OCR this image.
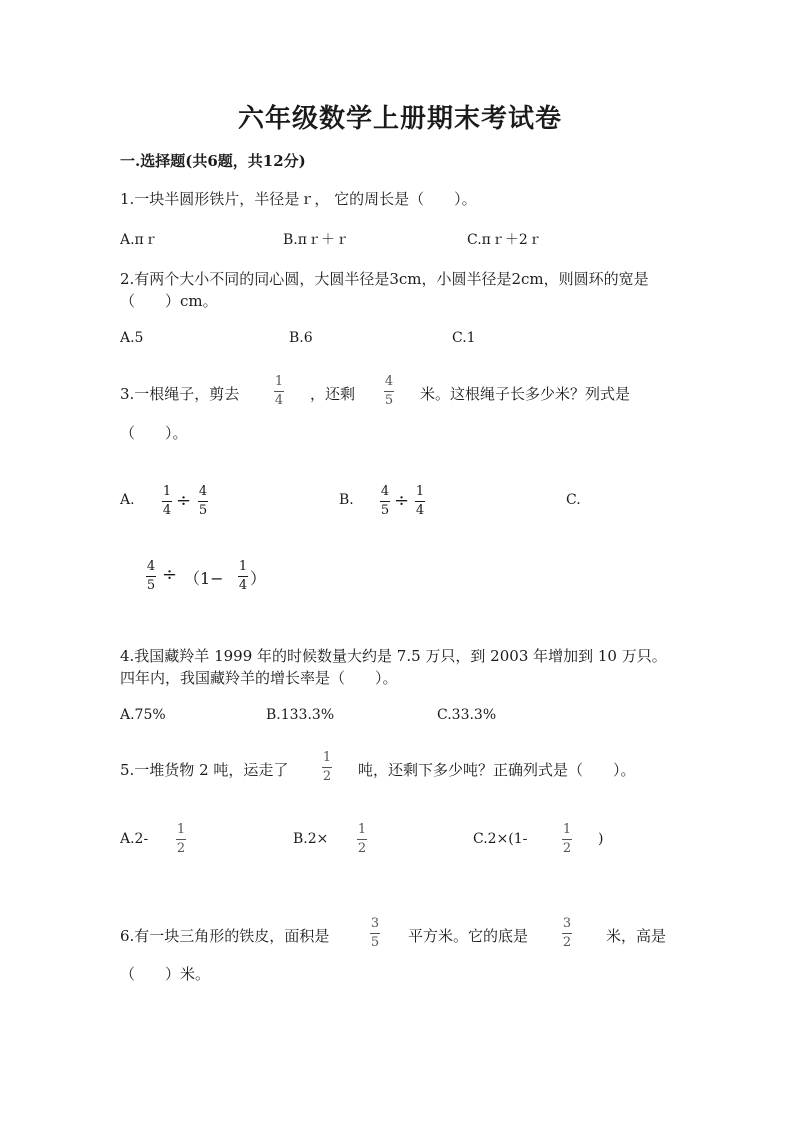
六年级数学上册期末考试卷
一.选择题(共6题，共12分)
1.一块半圆形铁片，半径是ｒ， 它的周长是（　　）。
A.πｒ	B.πｒ＋ｒ	C.πｒ＋2ｒ
2.有两个大小不同的同心圆，大圆半径是3cm，小圆半径是2cm，则圆环的宽是
（　　）cm。
A.5	B.6	C.1
3.一根绳子，剪去
1
4 ，还剩
4
5 米。这根绳子长多少米？列式是
（　　）。
A.
1
4 ÷ 4
5
B.
4
5 ÷ 1
4
C.
4
5
÷ （1−
1
4 ）
4.我国藏羚羊 1999 年的时候数量大约是 7.5 万只，到 2003 年增加到 10 万只。
四年内，我国藏羚羊的增长率是（　　）。
A.75%	B.133.3%	C.33.3%
5.一堆货物 2 吨，运走了
1
2 吨，还剩下多少吨？正确列式是（　　）。
A.2-
1
2
B.2×
1
2
C.2×(1-
1
2
)
6.有一块三角形的铁皮，面积是
3
5 平方米。它的底是
3
2 米，高是
（　　）米。
